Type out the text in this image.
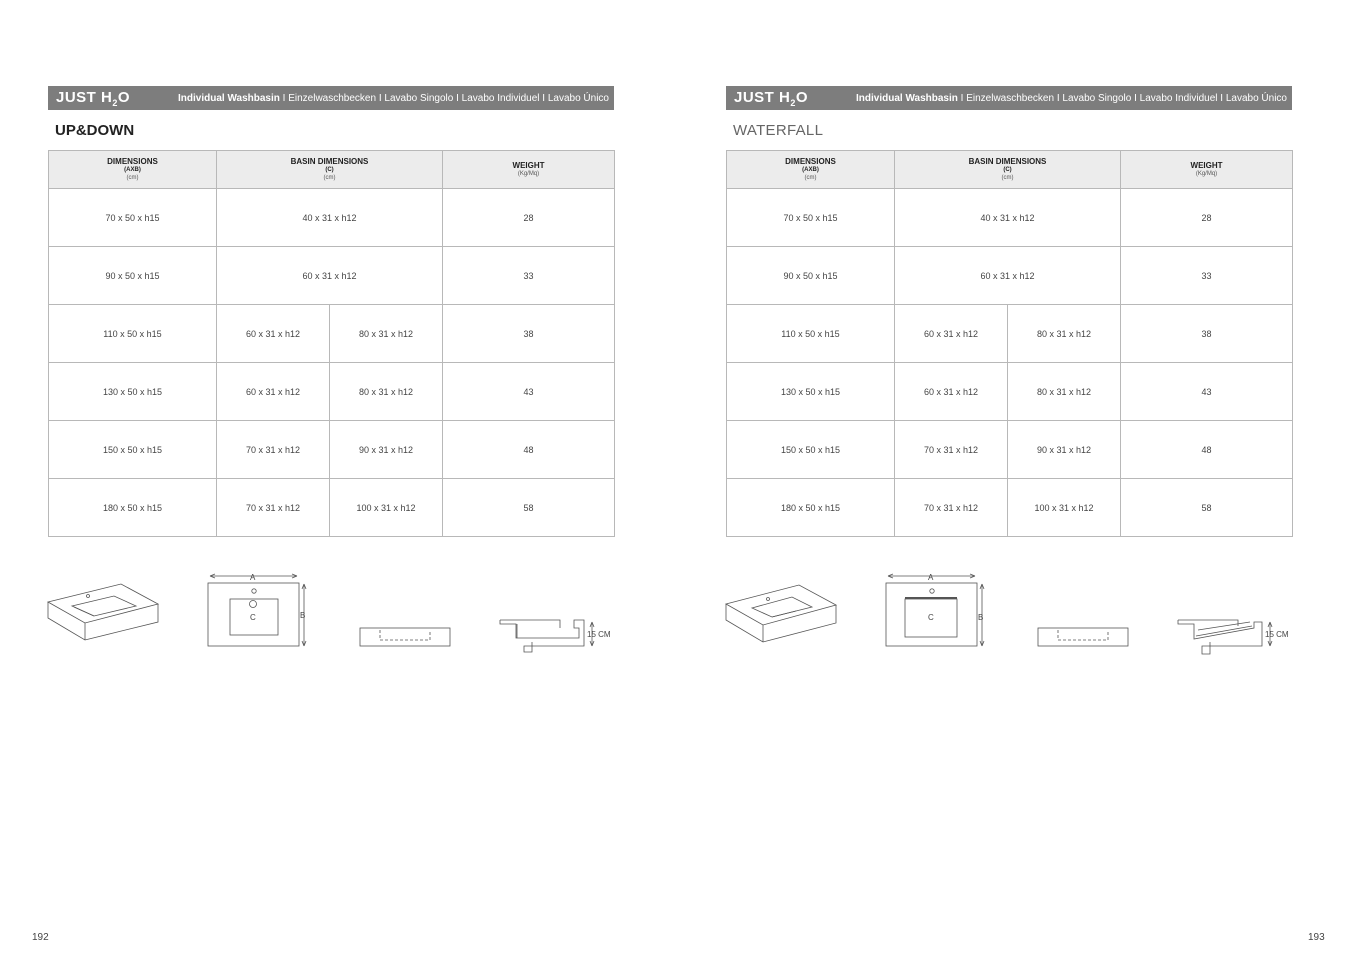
JUST $H_2O$	Individual Washbasin I Einzelwaschbecken I Lavabo Singolo I Lavabo Individuel I Lavabo Único
UP&DOWN
DIMENSIONS
(AXB)
(cm)	BASIN DIMENSIONS
(C)
(cm)		WEIGHT
(Kg/Mq)

70 x 50 x h15	40 x 31 x h12		28
90 x 50 x h15	60 x 31 x h12		33
110 x 50 x h15	60 x 31 x h12	80 x 31 x h12	38
130 x 50 x h15	60 x 31 x h12	80 x 31 x h12	43
150 x 50 x h15	70 x 31 x h12	90 x 31 x h12	48
180 x 50 x h15	70 x 31 x h12	100 x 31 x h12	58
A
B
C
15 CM
192
JUST $H_2O$	Individual Washbasin I Einzelwaschbecken I Lavabo Singolo I Lavabo Individuel I Lavabo Único
WATERFALL
DIMENSIONS
(AXB)
(cm)	BASIN DIMENSIONS
(C)
(cm)		WEIGHT
(Kg/Mq)

70 x 50 x h15	40 x 31 x h12		28
90 x 50 x h15	60 x 31 x h12		33
110 x 50 x h15	60 x 31 x h12	80 x 31 x h12	38
130 x 50 x h15	60 x 31 x h12	80 x 31 x h12	43
150 x 50 x h15	70 x 31 x h12	90 x 31 x h12	48
180 x 50 x h15	70 x 31 x h12	100 x 31 x h12	58
A
B
C
15 CM
193
